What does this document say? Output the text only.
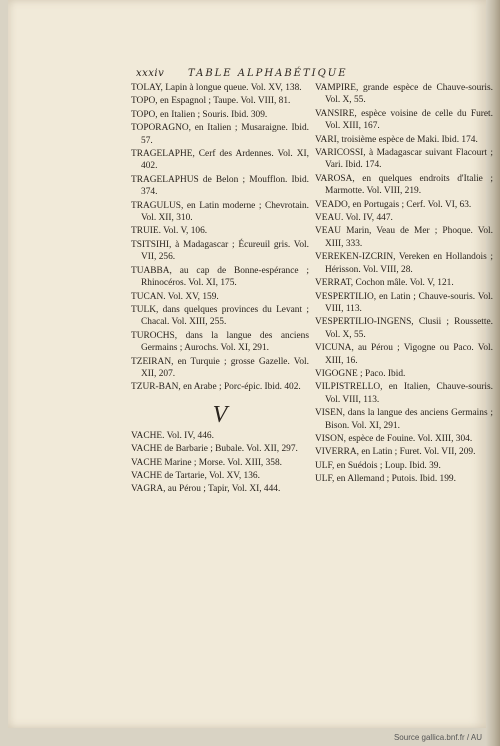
xxxiv TABLE ALPHABÉTIQUE
TOLAY, Lapin à longue queue. Vol. XV, 138.
TOPO, en Espagnol ; Taupe. Vol. VIII, 81.
TOPO, en Italien ; Souris. Ibid. 309.
TOPORAGNO, en Italien ; Musaraigne. Ibid. 57.
TRAGELAPHE, Cerf des Ardennes. Vol. XI, 402.
TRAGELAPHUS de Belon ; Moufflon. Ibid. 374.
TRAGULUS, en Latin moderne ; Chevrotain. Vol. XII, 310.
TRUIE. Vol. V, 106.
TSITSIHI, à Madagascar ; Écureuil gris. Vol. VII, 256.
TUABBA, au cap de Bonne-espérance ; Rhinocéros. Vol. XI, 175.
TUCAN. Vol. XV, 159.
TULK, dans quelques provinces du Levant ; Chacal. Vol. XIII, 255.
TUROCHS, dans la langue des anciens Germains ; Aurochs. Vol. XI, 291.
TZEIRAN, en Turquie ; grosse Gazelle. Vol. XII, 207.
TZUR-BAN, en Arabe ; Porc-épic. Ibid. 402.
V
VACHE. Vol. IV, 446.
VACHE de Barbarie ; Bubale. Vol. XII, 297.
VACHE Marine ; Morse. Vol. XIII, 358.
VACHE de Tartarie, Vol. XV, 136.
VAGRA, au Pérou ; Tapir, Vol. XI, 444.
VAMPIRE, grande espèce de Chauve-souris. Vol. X, 55.
VANSIRE, espèce voisine de celle du Furet. Vol. XIII, 167.
VARI, troisième espèce de Maki. Ibid. 174.
VARICOSSI, à Madagascar suivant Flacourt ; Vari. Ibid. 174.
VAROSA, en quelques endroits d'Italie ; Marmotte. Vol. VIII, 219.
VEADO, en Portugais ; Cerf. Vol. VI, 63.
VEAU. Vol. IV, 447.
VEAU Marin, Veau de Mer ; Phoque. Vol. XIII, 333.
VEREKEN-IZCRIN, Vereken en Hollandois ; Hérisson. Vol. VIII, 28.
VERRAT, Cochon mâle. Vol. V, 121.
VESPERTILIO, en Latin ; Chauve-souris. Vol. VIII, 113.
VESPERTILIO-INGENS, Clusii ; Roussette. Vol. X, 55.
VICUNA, au Pérou ; Vigogne ou Paco. Vol. XIII, 16.
VIGOGNE ; Paco. Ibid.
VILPISTRELLO, en Italien, Chauve-souris. Vol. VIII, 113.
VISEN, dans la langue des anciens Germains ; Bison. Vol. XI, 291.
VISON, espèce de Fouine. Vol. XIII, 304.
VIVERRA, en Latin ; Furet. Vol. VII, 209.
ULF, en Suédois ; Loup. Ibid. 39.
ULF, en Allemand ; Putois. Ibid. 199.
Source gallica.bnf.fr / AU
